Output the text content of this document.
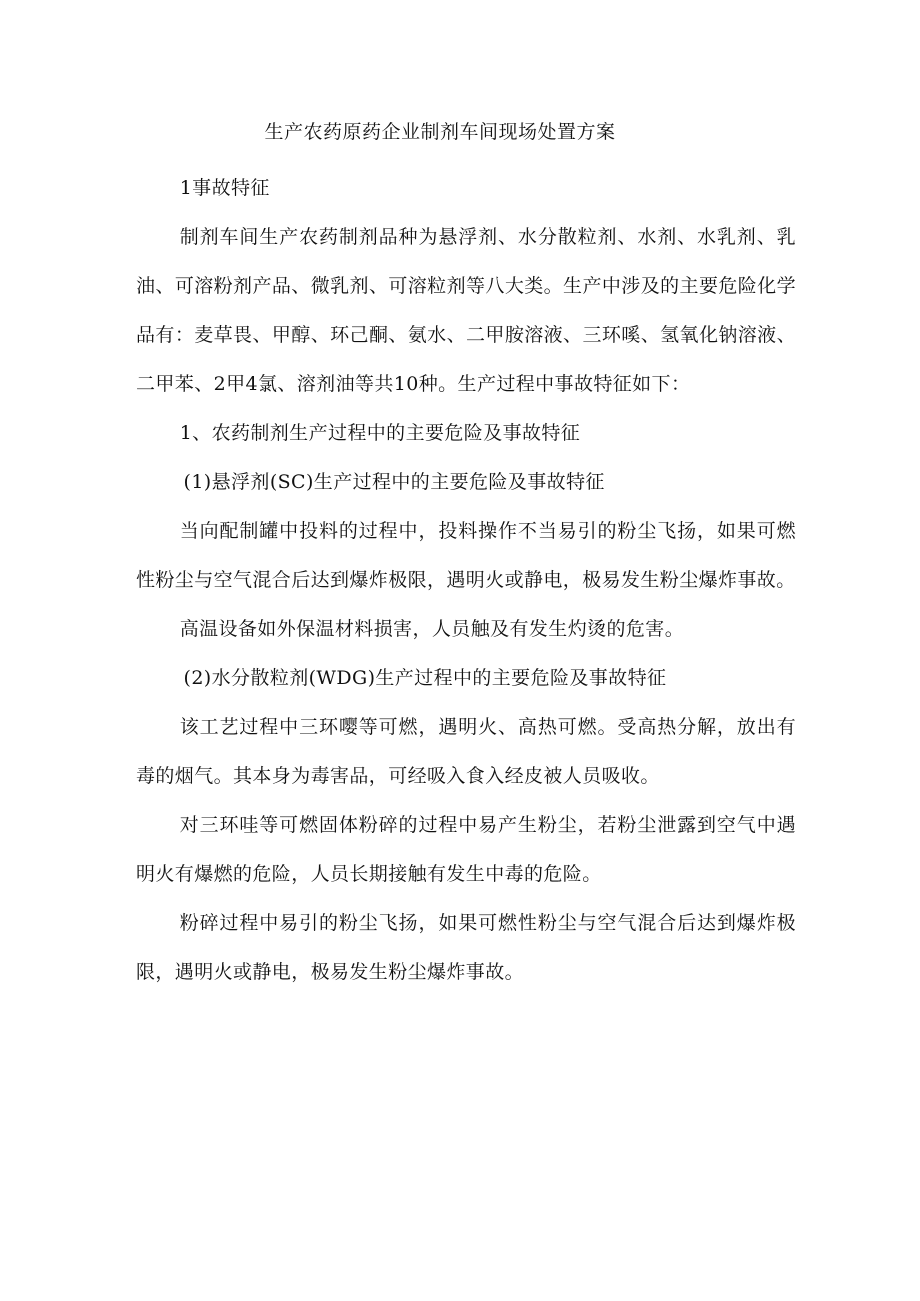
生产农药原药企业制剂车间现场处置方案

1事故特征

制剂车间生产农药制剂品种为悬浮剂、水分散粒剂、水剂、水乳剂、乳油、可溶粉剂产品、微乳剂、可溶粒剂等八大类。生产中涉及的主要危险化学品有：麦草畏、甲醇、环己酮、氨水、二甲胺溶液、三环嗘、氢氧化钠溶液、二甲苯、2甲4氯、溶剂油等共10种。生产过程中事故特征如下：

1、农药制剂生产过程中的主要危险及事故特征

(1)悬浮剂(SC)生产过程中的主要危险及事故特征

当向配制罐中投料的过程中，投料操作不当易引的粉尘飞扬，如果可燃性粉尘与空气混合后达到爆炸极限，遇明火或静电，极易发生粉尘爆炸事故。

高温设备如外保温材料损害，人员触及有发生灼烫的危害。

(2)水分散粒剂(WDG)生产过程中的主要危险及事故特征

该工艺过程中三环嘤等可燃，遇明火、高热可燃。受高热分解，放出有毒的烟气。其本身为毒害品，可经吸入食入经皮被人员吸收。

对三环哇等可燃固体粉碎的过程中易产生粉尘，若粉尘泄露到空气中遇明火有爆燃的危险，人员长期接触有发生中毒的危险。

粉碎过程中易引的粉尘飞扬，如果可燃性粉尘与空气混合后达到爆炸极限，遇明火或静电，极易发生粉尘爆炸事故。
